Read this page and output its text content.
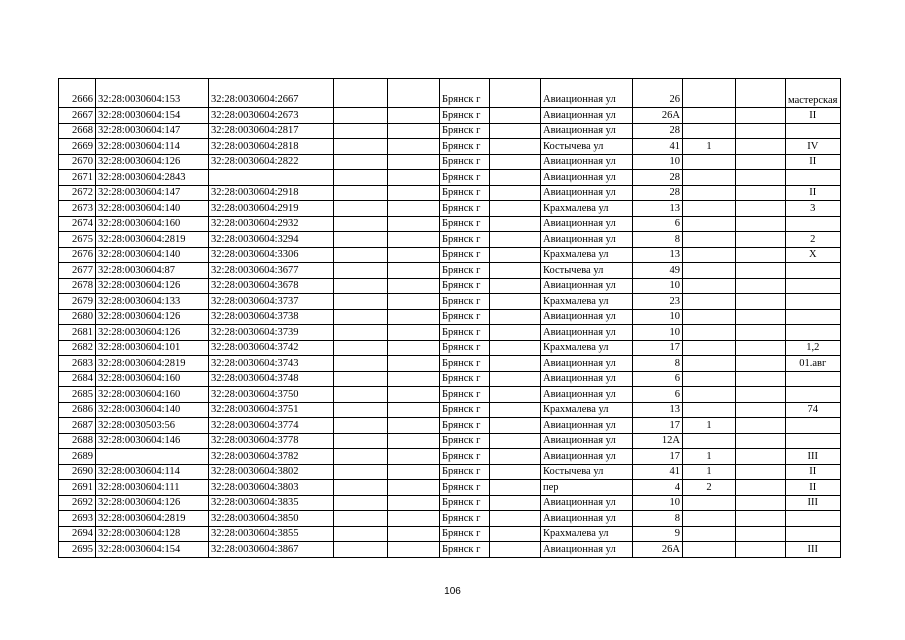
2666	32:28:0030604:153	32:28:0030604:2667			Брянск г		Авиационная ул	26			мастерская
2667	32:28:0030604:154	32:28:0030604:2673			Брянск г		Авиационная ул	26А			II
2668	32:28:0030604:147	32:28:0030604:2817			Брянск г		Авиационная ул	28			
2669	32:28:0030604:114	32:28:0030604:2818			Брянск г		Костычева ул	41	1		IV
2670	32:28:0030604:126	32:28:0030604:2822			Брянск г		Авиационная ул	10			II
2671	32:28:0030604:2843				Брянск г		Авиационная ул	28			
2672	32:28:0030604:147	32:28:0030604:2918			Брянск г		Авиационная ул	28			II
2673	32:28:0030604:140	32:28:0030604:2919			Брянск г		Крахмалева ул	13			3
2674	32:28:0030604:160	32:28:0030604:2932			Брянск г		Авиационная ул	6			
2675	32:28:0030604:2819	32:28:0030604:3294			Брянск г		Авиационная ул	8			2
2676	32:28:0030604:140	32:28:0030604:3306			Брянск г		Крахмалева ул	13			X
2677	32:28:0030604:87	32:28:0030604:3677			Брянск г		Костычева ул	49			
2678	32:28:0030604:126	32:28:0030604:3678			Брянск г		Авиационная ул	10			
2679	32:28:0030604:133	32:28:0030604:3737			Брянск г		Крахмалева ул	23			
2680	32:28:0030604:126	32:28:0030604:3738			Брянск г		Авиационная ул	10			
2681	32:28:0030604:126	32:28:0030604:3739			Брянск г		Авиационная ул	10			
2682	32:28:0030604:101	32:28:0030604:3742			Брянск г		Крахмалева ул	17			1,2
2683	32:28:0030604:2819	32:28:0030604:3743			Брянск г		Авиационная ул	8			01.авг
2684	32:28:0030604:160	32:28:0030604:3748			Брянск г		Авиационная ул	6			
2685	32:28:0030604:160	32:28:0030604:3750			Брянск г		Авиационная ул	6			
2686	32:28:0030604:140	32:28:0030604:3751			Брянск г		Крахмалева ул	13			74
2687	32:28:0030503:56	32:28:0030604:3774			Брянск г		Авиационная ул	17	1		
2688	32:28:0030604:146	32:28:0030604:3778			Брянск г		Авиационная ул	12А			
2689		32:28:0030604:3782			Брянск г		Авиационная ул	17	1		III
2690	32:28:0030604:114	32:28:0030604:3802			Брянск г		Костычева ул	41	1		II
2691	32:28:0030604:111	32:28:0030604:3803			Брянск г		пер	4	2		II
2692	32:28:0030604:126	32:28:0030604:3835			Брянск г		Авиационная ул	10			III
2693	32:28:0030604:2819	32:28:0030604:3850			Брянск г		Авиационная ул	8			
2694	32:28:0030604:128	32:28:0030604:3855			Брянск г		Крахмалева ул	9			
2695	32:28:0030604:154	32:28:0030604:3867			Брянск г		Авиационная ул	26А			III
106
